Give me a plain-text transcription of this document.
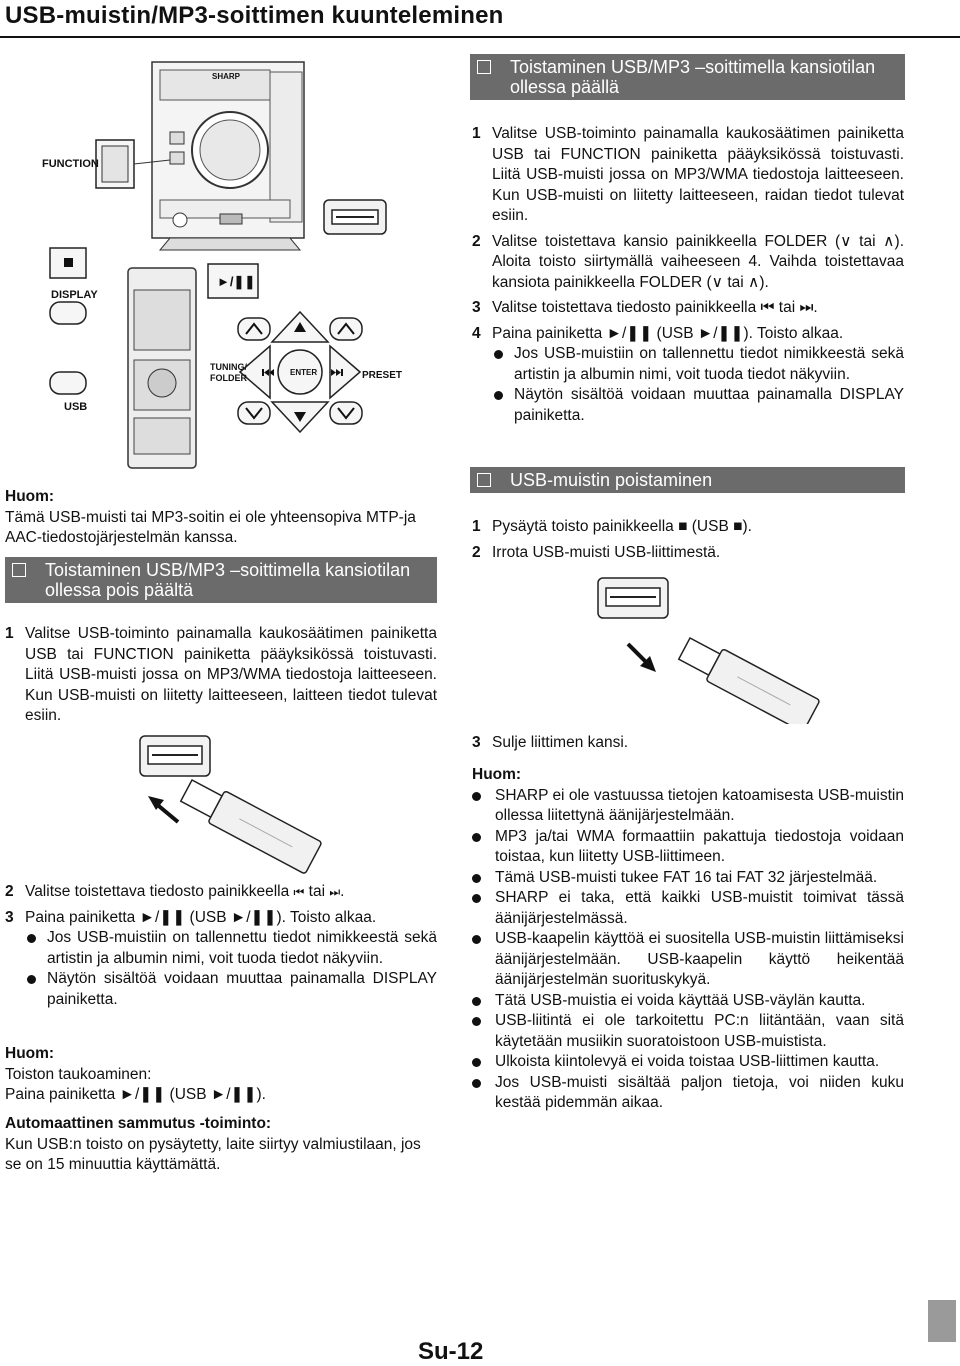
USB-muistin/MP3-soittimen kuunteleminen
FUNCTION
DISPLAY
USB
►/❚❚
TUNING/
FOLDER
ENTER	PRESET
SHARP

Huom:

Tämä USB-muisti tai MP3-soitin ei ole yhteensopiva MTP-ja AAC-tiedostojärjestelmän kanssa.

Toistaminen USB/MP3 –soittimella kansiotilan ollessa pois päältä
1 Valitse USB-toiminto painamalla kaukosäätimen painiketta USB tai FUNCTION painiketta pääyksikössä toistuvasti. Liitä USB-muisti jossa on MP3/WMA tiedostoja laitteeseen. Kun USB-muisti on liitetty laitteeseen, laitteen tiedot tulevat esiin.
2 Valitse toistettava tiedosto painikkeella ⏮ tai ⏭.
3 Paina painiketta ►/❚❚ (USB ►/❚❚). Toisto alkaa.
Jos USB-muistiin on tallennettu tiedot nimikkeestä sekä artistin ja albumin nimi, voit tuoda tiedot näkyviin.
Näytön sisältöä voidaan muuttaa painamalla DISPLAY painiketta.

Huom:

Toiston taukoaminen:

Paina painiketta ►/❚❚ (USB ►/❚❚).

Automaattinen sammutus -toiminto:

Kun USB:n toisto on pysäytetty, laite siirtyy valmiustilaan, jos se on 15 minuuttia käyttämättä.

Toistaminen USB/MP3 –soittimella kansiotilan ollessa päällä
1 Valitse USB-toiminto painamalla kaukosäätimen painiketta USB tai FUNCTION painiketta pääyksikössä toistuvasti. Liitä USB-muisti jossa on MP3/WMA tiedostoja laitteeseen. Kun USB-muisti on liitetty laitteeseen, raidan tiedot tulevat esiin.
2 Valitse toistettava kansio painikkeella FOLDER (∨ tai ∧). Aloita toisto siirtymällä vaiheeseen 4. Vaihda toistettavaa kansiota painikkeella FOLDER (∨ tai ∧).
3 Valitse toistettava tiedosto painikkeella ⏮ tai ⏭.
4 Paina painiketta ►/❚❚ (USB ►/❚❚). Toisto alkaa.
Jos USB-muistiin on tallennettu tiedot nimikkeestä sekä artistin ja albumin nimi, voit tuoda tiedot näkyviin.
Näytön sisältöä voidaan muuttaa painamalla DISPLAY painiketta.
USB-muistin poistaminen
1 Pysäytä toisto painikkeella ■ (USB ■).
2 Irrota USB-muisti USB-liittimestä.
3 Sulje liittimen kansi.

Huom:

SHARP ei ole vastuussa tietojen katoamisesta USB-muistin ollessa liitettynä äänijärjestelmään.
MP3 ja/tai WMA formaattiin pakattuja tiedostoja voidaan toistaa, kun liitetty USB-liittimeen.
Tämä USB-muisti tukee FAT 16 tai FAT 32 järjestelmää.
SHARP ei taka, että kaikki USB-muistit toimivat tässä äänijärjestelmässä.
USB-kaapelin käyttöä ei suositella USB-muistin liittämiseksi äänijärjestelmään. USB-kaapelin käyttö heikentää äänijärjestelmän suorituskykyä.
Tätä USB-muistia ei voida käyttää USB-väylän kautta.
USB-liitintä ei ole tarkoitettu PC:n liitäntään, vaan sitä käytetään musiikin suoratoistoon USB-muistista.
Ulkoista kiintolevyä ei voida toistaa USB-liittimen kautta.
Jos USB-muisti sisältää paljon tietoja, voi niiden kuku kestää pidemmän aikaa.
Su-12
